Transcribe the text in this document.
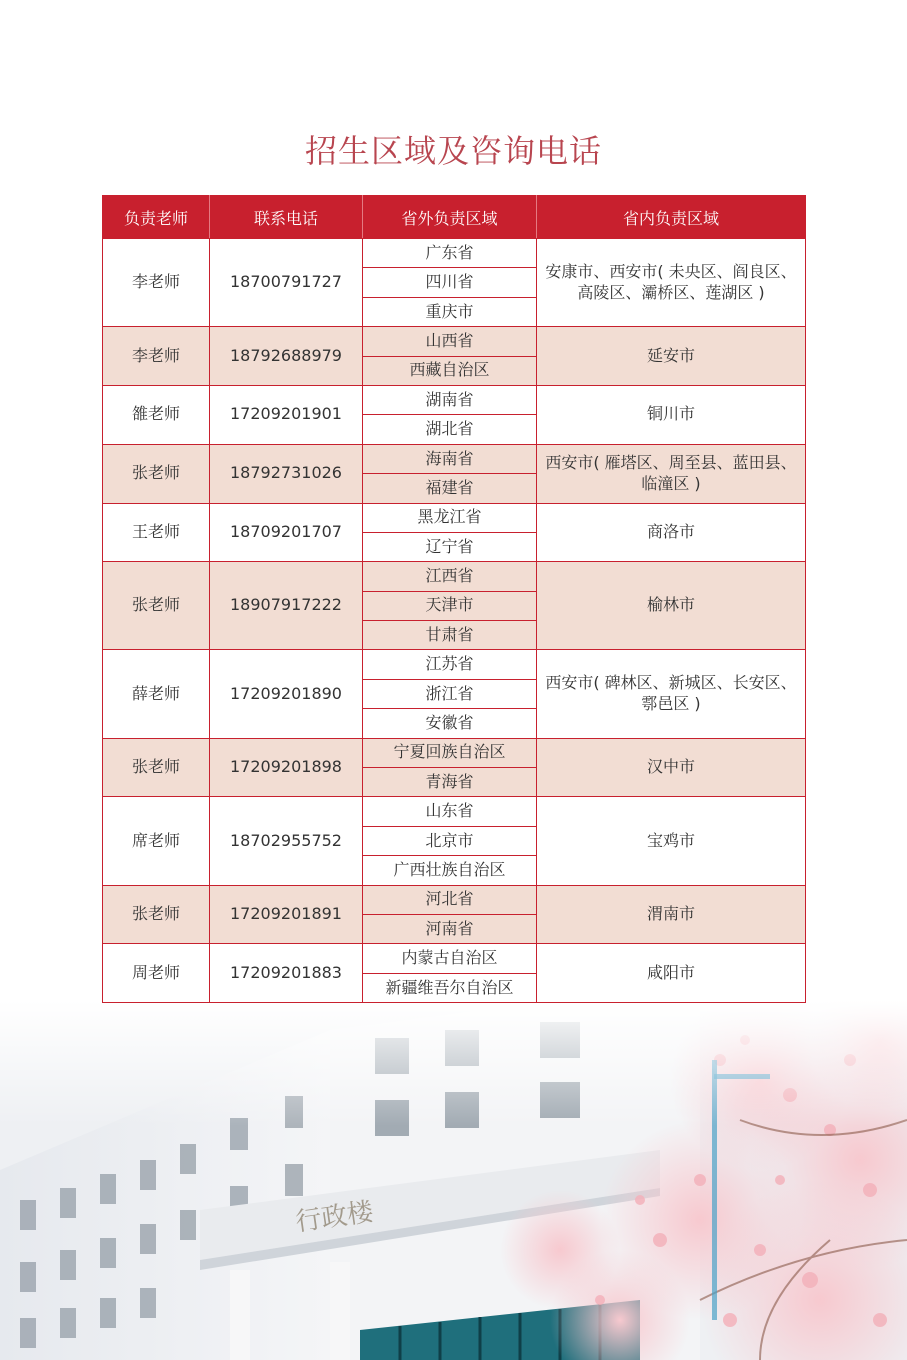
招生区域及咨询电话
负责老师	联系电话	省外负责区域	省内负责区域
李老师	18700791727	广东省	安康市、西安市( 未央区、阎良区、高陵区、灞桥区、莲湖区 )
		四川省	
		重庆市	
李老师	18792688979	山西省	延安市
		西藏自治区	
雒老师	17209201901	湖南省	铜川市
		湖北省	
张老师	18792731026	海南省	西安市( 雁塔区、周至县、蓝田县、临潼区 )
		福建省	
王老师	18709201707	黑龙江省	商洛市
		辽宁省	
张老师	18907917222	江西省	榆林市
		天津市	
		甘肃省	
薛老师	17209201890	江苏省	西安市( 碑林区、新城区、长安区、鄠邑区 )
		浙江省	
		安徽省	
张老师	17209201898	宁夏回族自治区	汉中市
		青海省	
席老师	18702955752	山东省	宝鸡市
		北京市	
		广西壮族自治区	
张老师	17209201891	河北省	渭南市
		河南省	
周老师	17209201883	内蒙古自治区	咸阳市
		新疆维吾尔自治区	
